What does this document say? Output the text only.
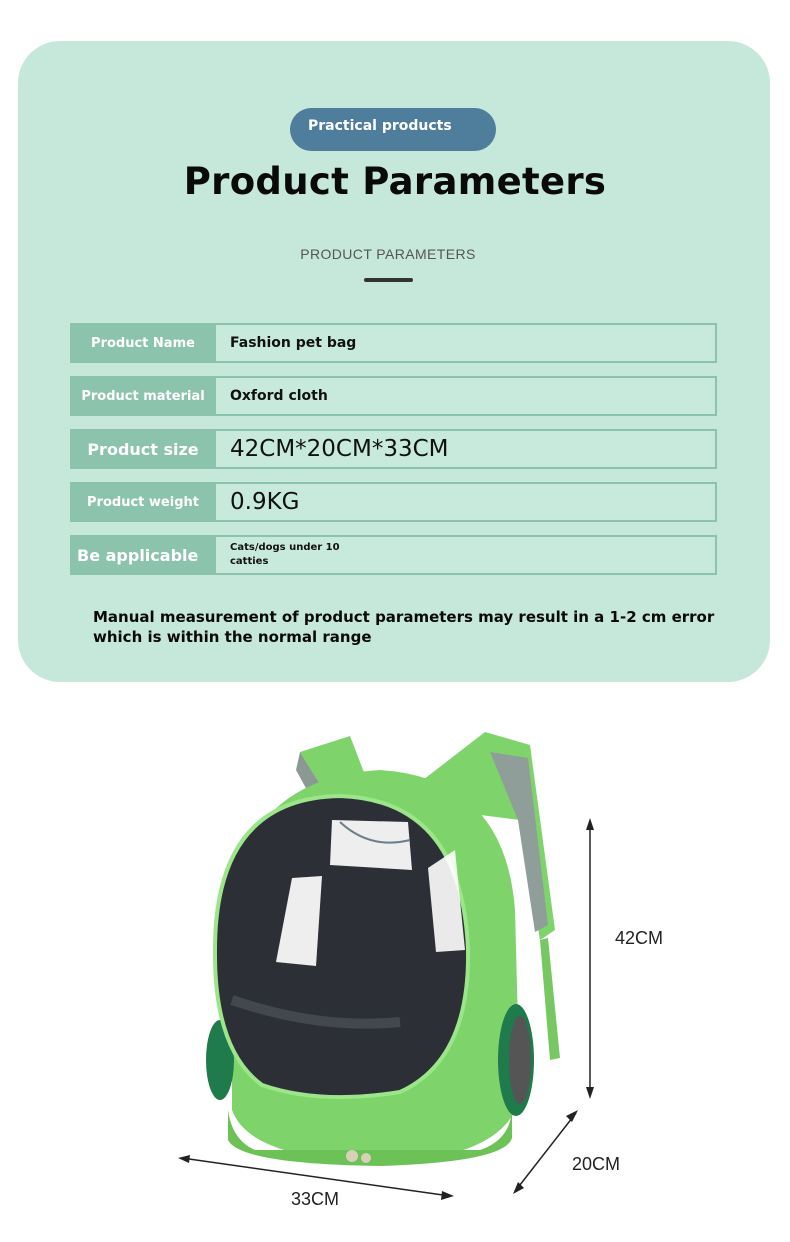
Practical products
Product Parameters
PRODUCT PARAMETERS
Product Name	Fashion pet bag
Product material	Oxford cloth
Product size	42CM*20CM*33CM
Product weight	0.9KG
Be applicable	Cats/dogs under 10 catties
Manual measurement of product parameters may result in a 1-2 cm error which is within the normal range
42CM
20CM
33CM
